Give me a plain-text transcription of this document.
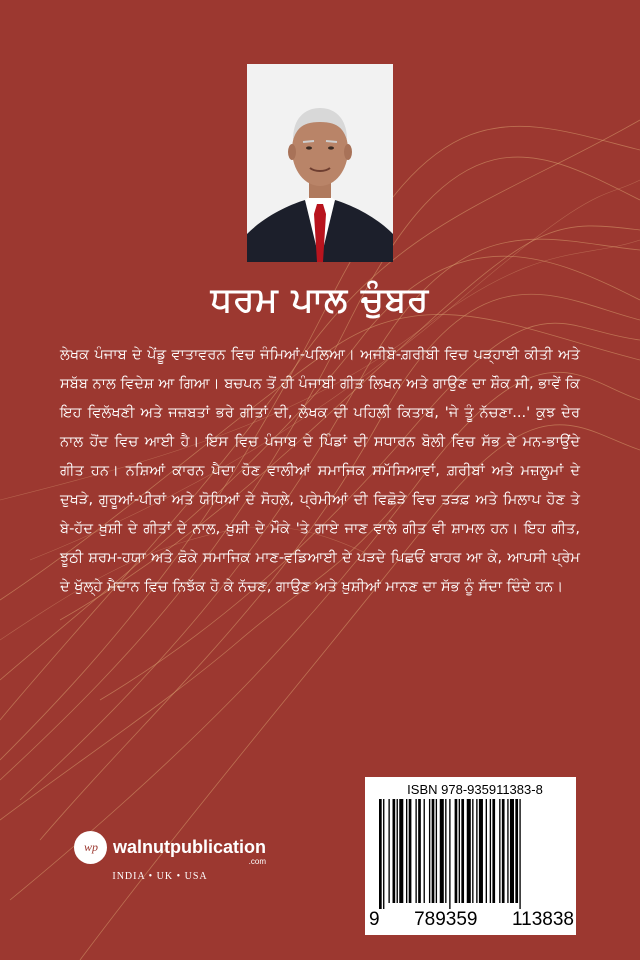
ਧਰਮ ਪਾਲ ਚੁੰਬਰ

ਲੇਖਕ ਪੰਜਾਬ ਦੇ ਪੇਂਡੂ ਵਾਤਾਵਰਨ ਵਿਚ ਜੰਮਿਆਂ-ਪਲਿਆ। ਅਜੀਬੋ-ਗ਼ਰੀਬੀ ਵਿਚ ਪੜ੍ਹਾਈ ਕੀਤੀ ਅਤੇ ਸਬੱਬ ਨਾਲ ਵਿਦੇਸ਼ ਆ ਗਿਆ। ਬਚਪਨ ਤੋਂ ਹੀ ਪੰਜਾਬੀ ਗੀਤ ਲਿਖਨ ਅਤੇ ਗਾਉਣ ਦਾ ਸ਼ੌਕ ਸੀ, ਭਾਵੇਂ ਕਿ ਇਹ ਵਿਲੱਖਣੀ ਅਤੇ ਜਜ਼ਬਤਾਂ ਭਰੇ ਗੀਤਾਂ ਦੀ, ਲੇਖਕ ਦੀ ਪਹਿਲੀ ਕਿਤਾਬ, 'ਜੇ ਤੂੰ ਨੱਚਣਾ...' ਕੁਝ ਦੇਰ ਨਾਲ ਹੋਂਦ ਵਿਚ ਆਈ ਹੈ। ਇਸ ਵਿਚ ਪੰਜਾਬ ਦੇ ਪਿੰਡਾਂ ਦੀ ਸਧਾਰਨ ਬੋਲੀ ਵਿਚ ਸੱਭ ਦੇ ਮਨ-ਭਾਉਂਦੇ ਗੀਤ ਹਨ। ਨਸ਼ਿਆਂ ਕਾਰਨ ਪੈਦਾ ਹੋਣ ਵਾਲੀਆਂ ਸਮਾਜਿਕ ਸਮੱਸਿਆਵਾਂ, ਗ਼ਰੀਬਾਂ ਅਤੇ ਮਜ਼ਲੂਮਾਂ ਦੇ ਦੁਖੜੇ, ਗੁਰੂਆਂ-ਪੀਰਾਂ ਅਤੇ ਯੋਧਿਆਂ ਦੇ ਸੋਹਲੇ, ਪ੍ਰੇਮੀਆਂ ਦੀ ਵਿਛੋੜੇ ਵਿਚ ਤੜਫ਼ ਅਤੇ ਮਿਲਾਪ ਹੋਣ ਤੇ ਬੇ-ਹੱਦ ਖ਼ੁਸ਼ੀ ਦੇ ਗੀਤਾਂ ਦੇ ਨਾਲ, ਖ਼ੁਸ਼ੀ ਦੇ ਮੌਕੇ 'ਤੇ ਗਾਏ ਜਾਣ ਵਾਲੇ ਗੀਤ ਵੀ ਸ਼ਾਮਲ ਹਨ। ਇਹ ਗੀਤ, ਝੂਠੀ ਸ਼ਰਮ-ਹਯਾ ਅਤੇ ਫ਼ੋਕੇ ਸਮਾਜਿਕ ਮਾਣ-ਵਡਿਆਈ ਦੇ ਪੜਦੇ ਪਿਛਓਂ ਬਾਹਰ ਆ ਕੇ, ਆਪਸੀ ਪ੍ਰੇਮ ਦੇ ਖੁੱਲ੍ਹੇ ਮੈਦਾਨ ਵਿਚ ਨਿਝੱਕ ਹੋ ਕੇ ਨੱਚਣ, ਗਾਉਣ ਅਤੇ ਖ਼ੁਸ਼ੀਆਂ ਮਾਨਣ ਦਾ ਸੱਭ ਨੂੰ ਸੱਦਾ ਦਿੰਦੇ ਹਨ।

wp walnutpublication
.com
INDIA • UK • USA
ISBN 978-935911383-8
9 789359 113838
